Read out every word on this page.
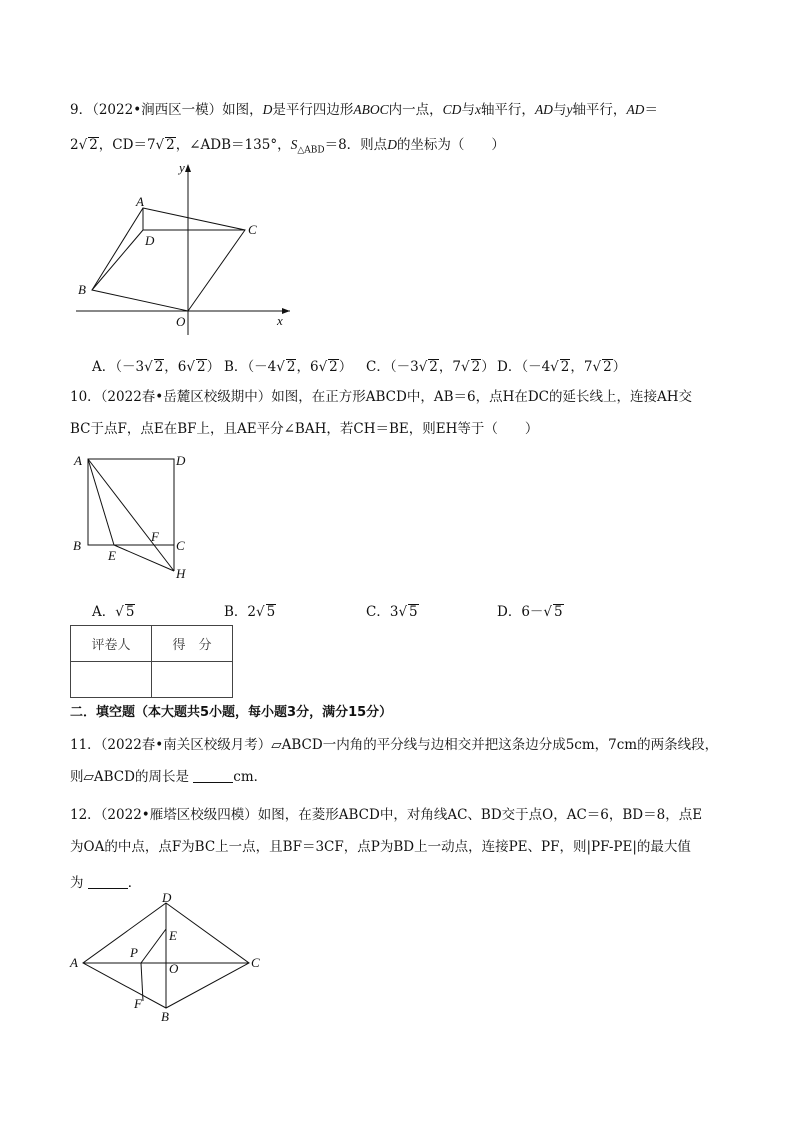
9．（2022•涧西区一模）如图，D是平行四边形ABOC内一点，CD与x轴平行，AD与y轴平行，AD＝
2√ 2，CD＝7√ 2，∠ADB＝135°，$S_{\triangle ABD}=8$．则点D的坐标为（　　）
y
x
A
D
C
B
O
A．（－3√ 2，6√ 2） B．（－4√ 2，6√ 2） C．（－3√ 2，7√ 2） D．（－4√ 2，7√ 2）
10．（2022春•岳麓区校级期中）如图，在正方形ABCD中，AB＝6，点H在DC的延长线上，连接AH交
BC于点F，点E在BF上，且AE平分∠BAH，若CH＝BE，则EH等于（　　）
A	D
B	C
E
F
H
A．√ 5	B．2√ 5	C．3√ 5	D．6－√ 5
评卷人	得　分

二．填空题（本大题共5小题，每小题3分，满分15分）
11．（2022春•南关区校级月考）▱ABCD一内角的平分线与边相交并把这条边分成5cm，7cm的两条线段，
则▱ABCD的周长是	cm．
12．（2022•雁塔区校级四模）如图，在菱形ABCD中，对角线AC、BD交于点O，AC＝6，BD＝8，点E
为OA的中点，点F为BC上一点，且BF＝3CF，点P为BD上一动点，连接PE、PF，则|PF-PE|的最大值
为	．
D
E
A
P
O	C
F
B
